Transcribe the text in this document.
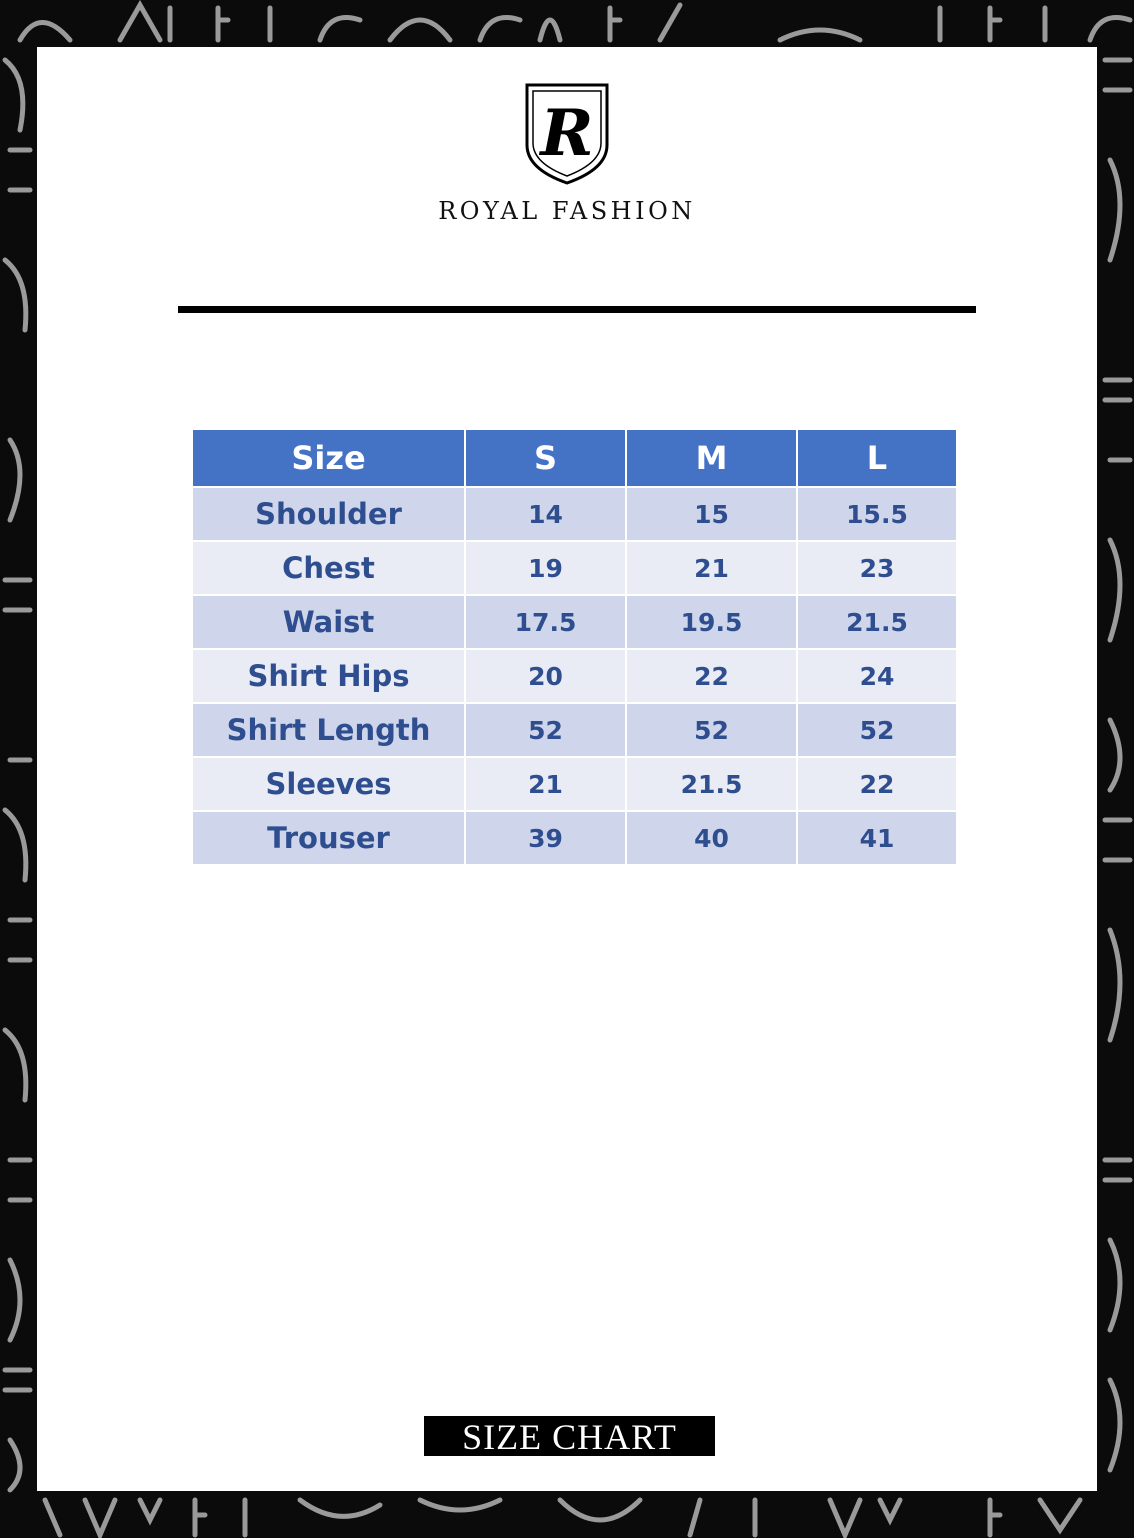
R
ROYAL FASHION
Size	S	M	L
Shoulder	14	15	15.5
Chest	19	21	23
Waist	17.5	19.5	21.5
Shirt Hips	20	22	24
Shirt Length	52	52	52
Sleeves	21	21.5	22
Trouser	39	40	41
SIZE CHART
